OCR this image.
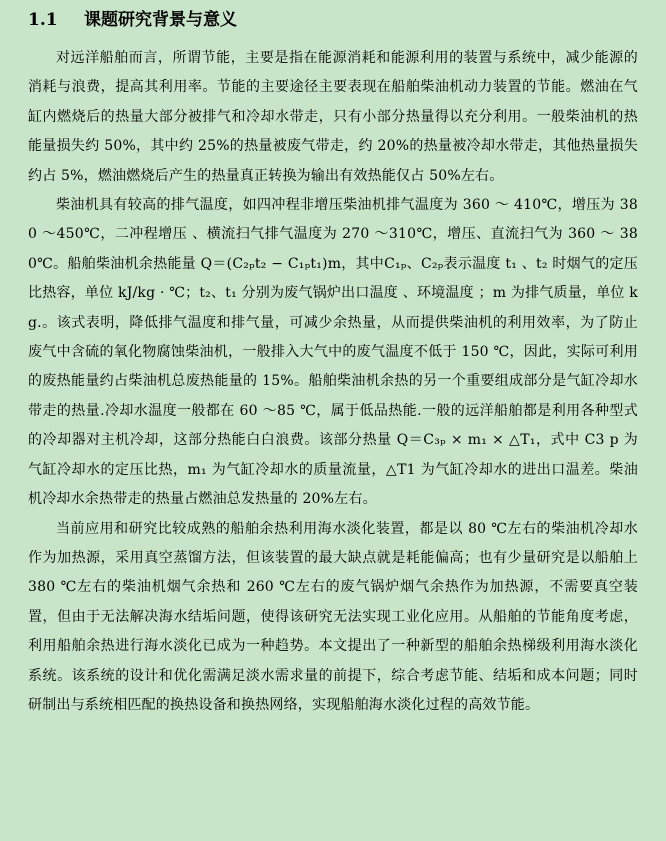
1.1	课题研究背景与意义

对远洋船舶而言，所谓节能，主要是指在能源消耗和能源利用的装置与系统中，减少能源的消耗与浪费，提高其利用率。节能的主要途径主要表现在船舶柴油机动力装置的节能。燃油在气缸内燃烧后的热量大部分被排气和冷却水带走，只有小部分热量得以充分利用。一般柴油机的热能量损失约 50%，其中约 25%的热量被废气带走，约 20%的热量被冷却水带走，其他热量损失约占 5%，燃油燃烧后产生的热量真正转换为输出有效热能仅占 50%左右。

柴油机具有较高的排气温度，如四冲程非增压柴油机排气温度为 360 ～ 410℃，增压为 380 ～450℃，二冲程增压 、横流扫气排气温度为 270 ～310℃，增压、直流扫气为 360 ～ 380℃。船舶柴油机余热能量 Q＝(C₂ₚt₂ − C₁ₚt₁)m，其中C₁ₚ、C₂ₚ表示温度 t₁ 、t₂ 时烟气的定压比热容，单位 kJ/kg · ℃；t₂、t₁ 分别为废气锅炉出口温度 、环境温度 ；m 为排气质量，单位 kg.。该式表明，降低排气温度和排气量，可减少余热量，从而提供柴油机的利用效率，为了防止废气中含硫的氧化物腐蚀柴油机，一般排入大气中的废气温度不低于 150 ℃，因此，实际可利用的废热能量约占柴油机总废热能量的 15%。船舶柴油机余热的另一个重要组成部分是气缸冷却水带走的热量.冷却水温度一般都在 60 ～85 ℃，属于低品热能.一般的远洋船舶都是利用各种型式的冷却器对主机冷却，这部分热能白白浪费。该部分热量 Q＝C₃ₚ × m₁ × △T₁，式中 C3 p 为气缸冷却水的定压比热，m₁ 为气缸冷却水的质量流量，△T1 为气缸冷却水的进出口温差。柴油机冷却水余热带走的热量占燃油总发热量的 20%左右。

当前应用和研究比较成熟的船舶余热利用海水淡化装置，都是以 80 ℃左右的柴油机冷却水作为加热源，采用真空蒸馏方法，但该装置的最大缺点就是耗能偏高；也有少量研究是以船舶上 380 ℃左右的柴油机烟气余热和 260 ℃左右的废气锅炉烟气余热作为加热源，不需要真空装置，但由于无法解决海水结垢问题，使得该研究无法实现工业化应用。从船舶的节能角度考虑，利用船舶余热进行海水淡化已成为一种趋势。本文提出了一种新型的船舶余热梯级利用海水淡化系统。该系统的设计和优化需满足淡水需求量的前提下，综合考虑节能、结垢和成本问题；同时研制出与系统相匹配的换热设备和换热网络，实现船舶海水淡化过程的高效节能。
